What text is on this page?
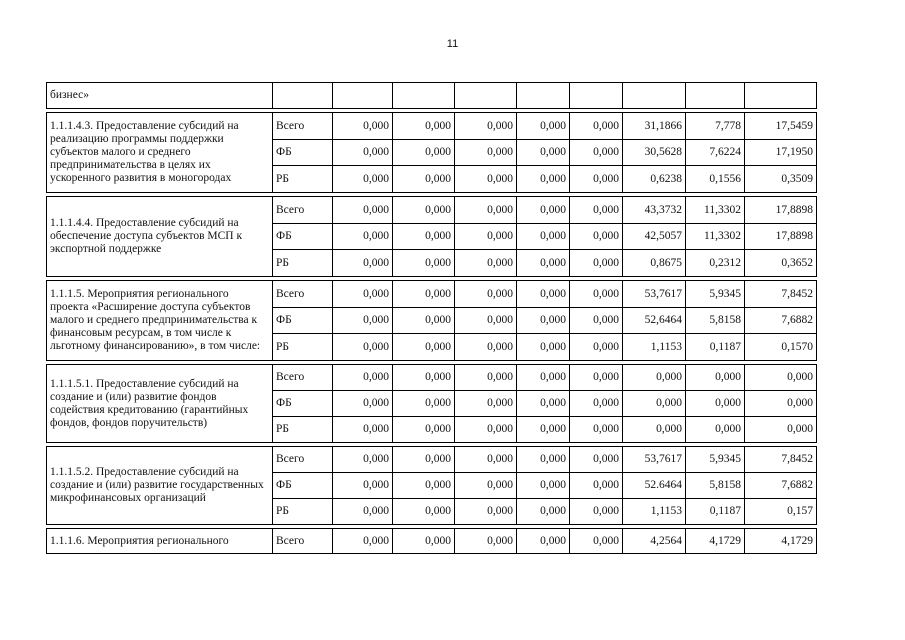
11
бизнес»									

1.1.1.4.3. Предоставление субсидий на реализацию программы поддержки субъектов малого и среднего предпринимательства в целях их ускоренного развития в моногородах	Всего	0,000	0,000	0,000	0,000	0,000	31,1866	7,778	17,5459
	ФБ	0,000	0,000	0,000	0,000	0,000	30,5628	7,6224	17,1950
	РБ	0,000	0,000	0,000	0,000	0,000	0,6238	0,1556	0,3509

1.1.1.4.4. Предоставление субсидий на обеспечение доступа субъектов МСП к экспортной поддержке	Всего	0,000	0,000	0,000	0,000	0,000	43,3732	11,3302	17,8898
	ФБ	0,000	0,000	0,000	0,000	0,000	42,5057	11,3302	17,8898
	РБ	0,000	0,000	0,000	0,000	0,000	0,8675	0,2312	0,3652

1.1.1.5. Мероприятия регионального проекта «Расширение доступа субъектов малого и среднего предпринимательства к финансовым ресурсам, в том числе к льготному финансированию», в том числе:	Всего	0,000	0,000	0,000	0,000	0,000	53,7617	5,9345	7,8452
	ФБ	0,000	0,000	0,000	0,000	0,000	52,6464	5,8158	7,6882
	РБ	0,000	0,000	0,000	0,000	0,000	1,1153	0,1187	0,1570

1.1.1.5.1. Предоставление субсидий на создание и (или) развитие фондов содействия кредитованию (гарантийных фондов, фондов поручительств)	Всего	0,000	0,000	0,000	0,000	0,000	0,000	0,000	0,000
	ФБ	0,000	0,000	0,000	0,000	0,000	0,000	0,000	0,000
	РБ	0,000	0,000	0,000	0,000	0,000	0,000	0,000	0,000

1.1.1.5.2. Предоставление субсидий на создание и (или) развитие государственных микрофинансовых организаций	Всего	0,000	0,000	0,000	0,000	0,000	53,7617	5,9345	7,8452
	ФБ	0,000	0,000	0,000	0,000	0,000	52.6464	5,8158	7,6882
	РБ	0,000	0,000	0,000	0,000	0,000	1,1153	0,1187	0,157

1.1.1.6. Мероприятия регионального	Всего	0,000	0,000	0,000	0,000	0,000	4,2564	4,1729	4,1729
